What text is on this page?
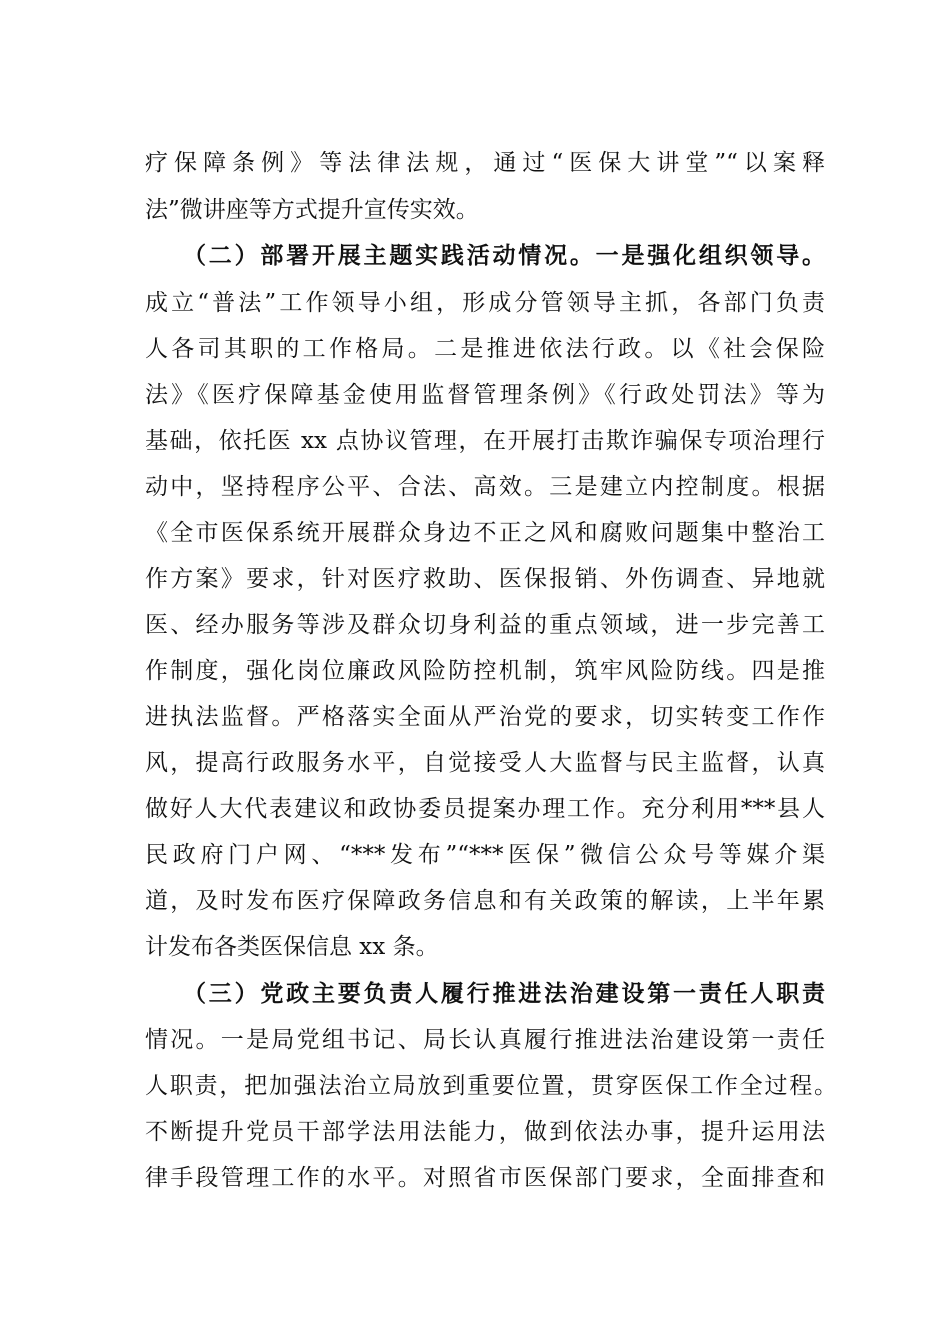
疗保障条例》等法律法规，通过“医保大讲堂”“以案释
法”微讲座等方式提升宣传实效。
（二）部署开展主题实践活动情况。一是强化组织领导。
成立“普法”工作领导小组，形成分管领导主抓，各部门负责
人各司其职的工作格局。二是推进依法行政。以《社会保险
法》《医疗保障基金使用监督管理条例》《行政处罚法》等为
基础，依托医 xx 点协议管理，在开展打击欺诈骗保专项治理行
动中，坚持程序公平、合法、高效。三是建立内控制度。根据
《全市医保系统开展群众身边不正之风和腐败问题集中整治工
作方案》要求，针对医疗救助、医保报销、外伤调查、异地就
医、经办服务等涉及群众切身利益的重点领域，进一步完善工
作制度，强化岗位廉政风险防控机制，筑牢风险防线。四是推
进执法监督。严格落实全面从严治党的要求，切实转变工作作
风，提高行政服务水平，自觉接受人大监督与民主监督，认真
做好人大代表建议和政协委员提案办理工作。充分利用***县人
民政府门户网、“***发布”“***医保”微信公众号等媒介渠
道，及时发布医疗保障政务信息和有关政策的解读，上半年累
计发布各类医保信息 xx 条。
（三）党政主要负责人履行推进法治建设第一责任人职责
情况。一是局党组书记、局长认真履行推进法治建设第一责任
人职责，把加强法治立局放到重要位置，贯穿医保工作全过程。
不断提升党员干部学法用法能力，做到依法办事，提升运用法
律手段管理工作的水平。对照省市医保部门要求，全面排查和
